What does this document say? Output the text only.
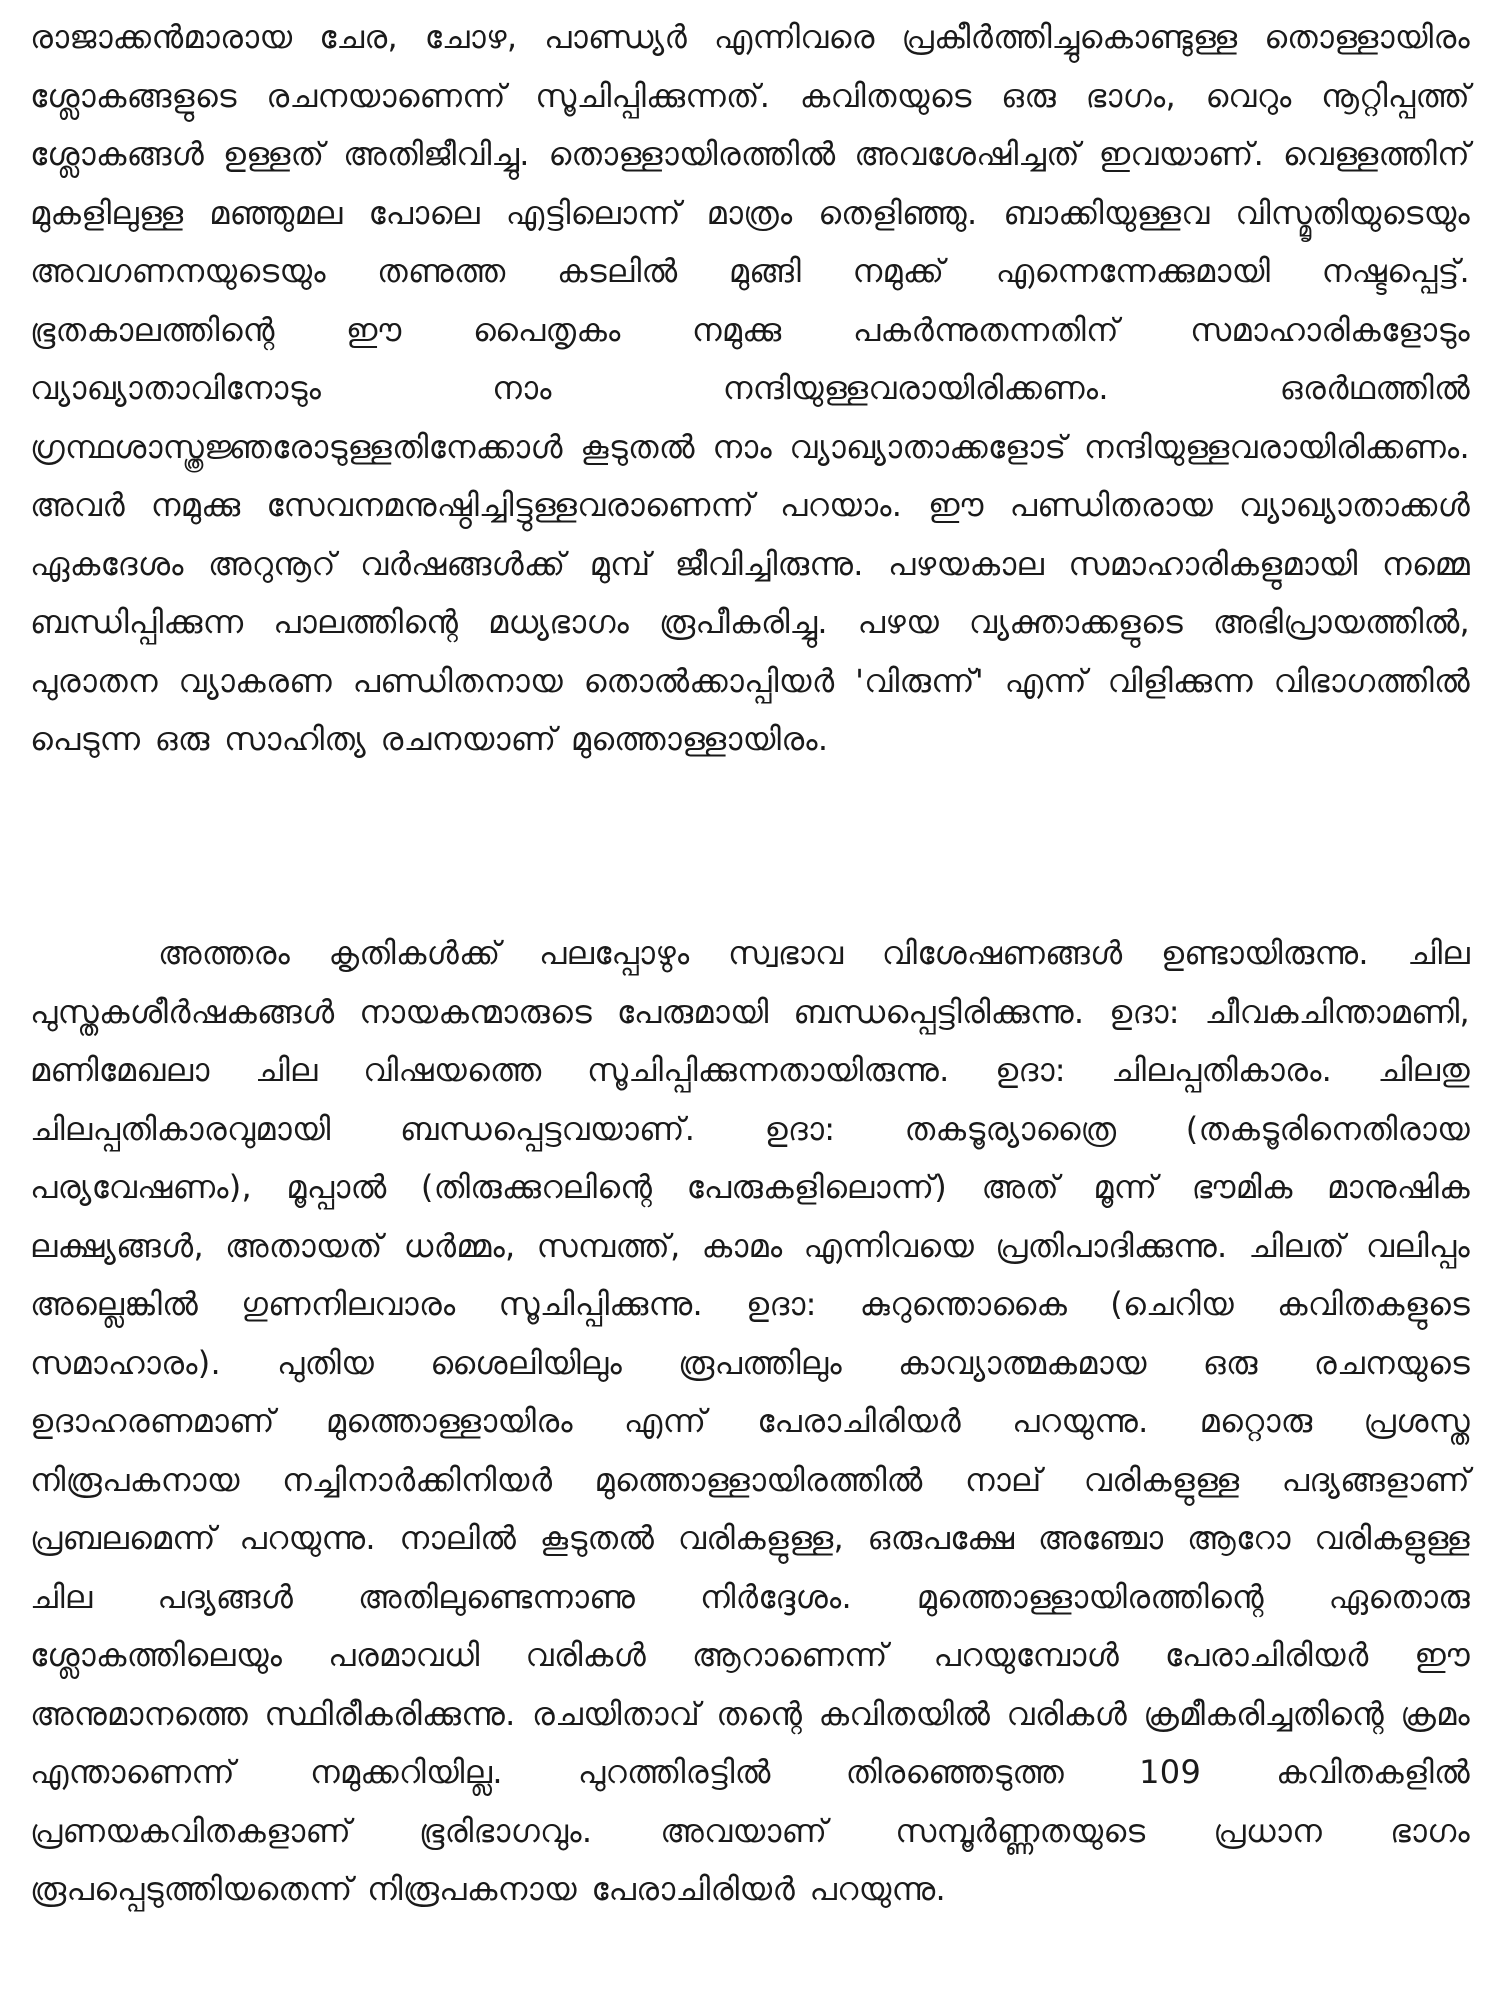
രാജാക്കൻമാരായ ചേര, ചോഴ, പാണ്ഡ്യർ എന്നിവരെ പ്രകീർത്തിച്ചുകൊണ്ടുള്ള തൊള്ളായിരം ശ്ലോകങ്ങളുടെ രചനയാണെന്ന് സൂചിപ്പിക്കുന്നത്. കവിതയുടെ ഒരു ഭാഗം, വെറും നൂറ്റിപ്പത്ത് ശ്ലോകങ്ങൾ ഉള്ളത് അതിജീവിച്ചു. തൊള്ളായിരത്തിൽ അവശേഷിച്ചത് ഇവയാണ്. വെള്ളത്തിന് മുകളിലുള്ള മഞ്ഞുമല പോലെ എട്ടിലൊന്ന് മാത്രം തെളിഞ്ഞു. ബാക്കിയുള്ളവ വിസ്മൃതിയുടെയും അവഗണനയുടെയും തണുത്ത കടലിൽ മുങ്ങി നമുക്ക് എന്നെന്നേക്കുമായി നഷ്ടപ്പെട്ട്. ഭൂതകാലത്തിന്റെ ഈ പൈതൃകം നമുക്കു പകർന്നുതന്നതിന് സമാഹാരികളോടും വ്യാഖ്യാതാവിനോടും നാം നന്ദിയുള്ളവരായിരിക്കണം. ഒരർഥത്തിൽ ഗ്രന്ഥശാസ്ത്രജ്ഞരോടുള്ളതിനേക്കാൾ കൂടുതൽ നാം വ്യാഖ്യാതാക്കളോട് നന്ദിയുള്ളവരായിരിക്കണം. അവർ നമുക്കു സേവനമനുഷ്ഠിച്ചിട്ടുള്ളവരാണെന്ന് പറയാം. ഈ പണ്ഡിതരായ വ്യാഖ്യാതാക്കൾ ഏകദേശം അറുനൂറ് വർഷങ്ങൾക്ക് മുമ്പ് ജീവിച്ചിരുന്നു. പഴയകാല സമാഹാരികളുമായി നമ്മെ ബന്ധിപ്പിക്കുന്ന പാലത്തിന്റെ മധ്യഭാഗം രൂപീകരിച്ചു. പഴയ വ്യക്താക്കളുടെ അഭിപ്രായത്തിൽ, പുരാതന വ്യാകരണ പണ്ഡിതനായ തൊൽക്കാപ്പിയർ 'വിരുന്ന്' എന്ന് വിളിക്കുന്ന വിഭാഗത്തിൽ പെടുന്ന ഒരു സാഹിത്യ രചനയാണ് മുത്തൊള്ളായിരം.

അത്തരം കൃതികൾക്ക് പലപ്പോഴും സ്വഭാവ വിശേഷണങ്ങൾ ഉണ്ടായിരുന്നു. ചില പുസ്തകശീർഷകങ്ങൾ നായകന്മാരുടെ പേരുമായി ബന്ധപ്പെട്ടിരിക്കുന്നു. ഉദാ: ചീവകചിന്താമണി, മണിമേഖലാ ചില വിഷയത്തെ സൂചിപ്പിക്കുന്നതായിരുന്നു. ഉദാ: ചിലപ്പതികാരം. ചിലതു ചിലപ്പതികാരവുമായി ബന്ധപ്പെട്ടവയാണ്. ഉദാ: തകടൂര്യാത്രൈ (തകടൂരിനെതിരായ പര്യവേഷണം), മൂപ്പാൽ (തിരുക്കുറലിന്റെ പേരുകളിലൊന്ന്) അത് മൂന്ന് ഭൗമിക മാനുഷിക ലക്ഷ്യങ്ങൾ, അതായത് ധർമ്മം, സമ്പത്ത്, കാമം എന്നിവയെ പ്രതിപാദിക്കുന്നു. ചിലത് വലിപ്പം അല്ലെങ്കിൽ ഗുണനിലവാരം സൂചിപ്പിക്കുന്നു. ഉദാ: കുറുന്തൊകൈ (ചെറിയ കവിതകളുടെ സമാഹാരം). പുതിയ ശൈലിയിലും രൂപത്തിലും കാവ്യാത്മകമായ ഒരു രചനയുടെ ഉദാഹരണമാണ് മുത്തൊള്ളായിരം എന്ന് പേരാചിരിയർ പറയുന്നു. മറ്റൊരു പ്രശസ്ത നിരൂപകനായ നച്ചിനാർക്കിനിയർ മുത്തൊള്ളായിരത്തിൽ നാല് വരികളുള്ള പദ്യങ്ങളാണ് പ്രബലമെന്ന് പറയുന്നു. നാലിൽ കൂടുതൽ വരികളുള്ള, ഒരുപക്ഷേ അഞ്ചോ ആറോ വരികളുള്ള ചില പദ്യങ്ങൾ അതിലുണ്ടെന്നാണു നിർദ്ദേശം. മുത്തൊള്ളായിരത്തിന്റെ ഏതൊരു ശ്ലോകത്തിലെയും പരമാവധി വരികൾ ആറാണെന്ന് പറയുമ്പോൾ പേരാചിരിയർ ഈ അനുമാനത്തെ സ്ഥിരീകരിക്കുന്നു. രചയിതാവ് തന്റെ കവിതയിൽ വരികൾ ക്രമീകരിച്ചതിന്റെ ക്രമം എന്താണെന്ന് നമുക്കറിയില്ല. പുറത്തിരട്ടിൽ തിരഞ്ഞെടുത്ത 109 കവിതകളിൽ പ്രണയകവിതകളാണ് ഭൂരിഭാഗവും. അവയാണ് സമ്പൂർണ്ണതയുടെ പ്രധാന ഭാഗം രൂപപ്പെടുത്തിയതെന്ന് നിരൂപകനായ പേരാചിരിയർ പറയുന്നു.
